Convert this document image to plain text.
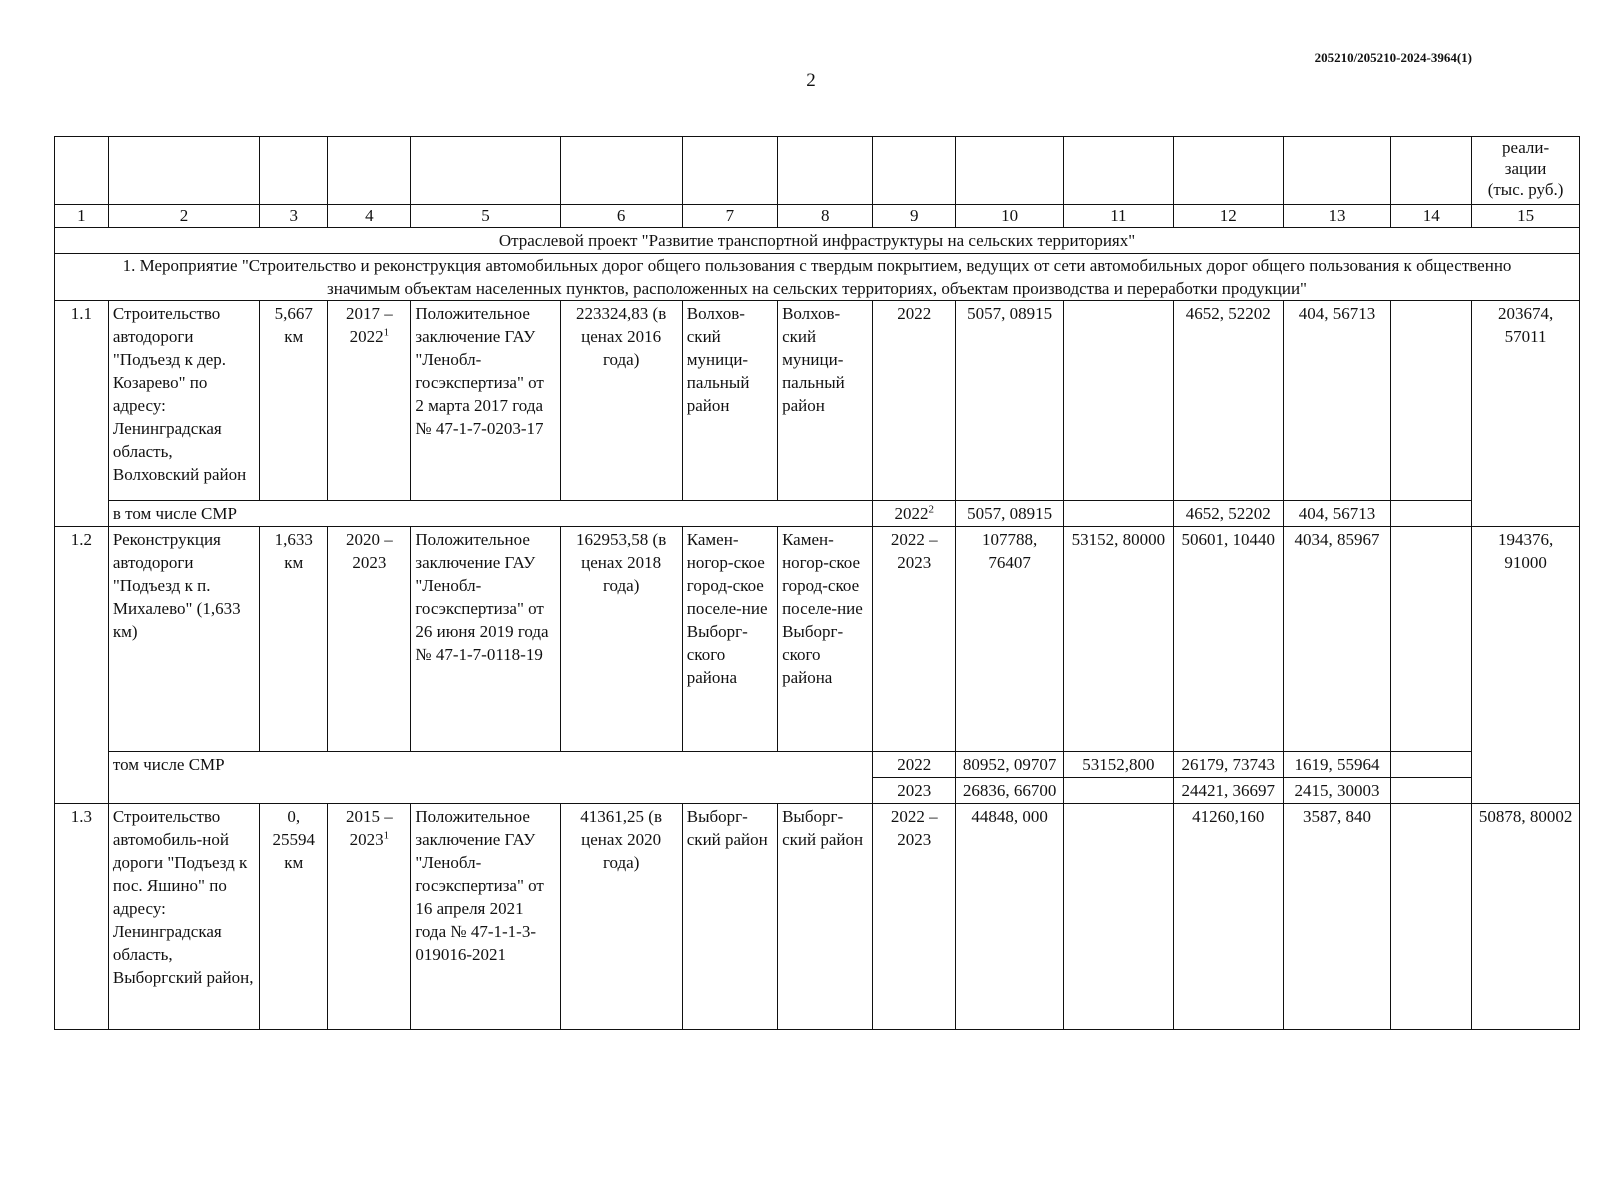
205210/205210-2024-3964(1)
2
														реали-
зации
(тыс. руб.)
1	2	3	4	5	6	7	8	9	10	11	12	13	14	15
Отраслевой проект "Развитие транспортной инфраструктуры на сельских территориях"														
1. Мероприятие "Строительство и реконструкция автомобильных дорог общего пользования с твердым покрытием, ведущих от сети автомобильных дорог общего пользования к общественно значимым объектам населенных пунктов, расположенных на сельских территориях, объектам производства и переработки продукции"														
1.1	Строительство автодороги "Подъезд к дер. Козарево" по адресу: Ленинградская область, Волховский район	5,667 км	2017 – 2022$^1$	Положительное заключение ГАУ "Ленобл-госэкспертиза" от 2 марта 2017 года № 47-1-7-0203-17	223324,83 (в ценах 2016 года)	Волхов-ский муници-пальный район	Волхов-ский муници-пальный район	2022	5057, 08915		4652, 52202	404, 56713		203674, 57011
	в том числе СМР							2022$^2$	5057, 08915		4652, 52202	404, 56713		
1.2	Реконструкция автодороги "Подъезд к п. Михалево" (1,633 км)	1,633 км	2020 – 2023	Положительное заключение ГАУ "Ленобл-госэкспертиза" от 26 июня 2019 года № 47-1-7-0118-19	162953,58 (в ценах 2018 года)	Камен-ногор-ское город-ское поселе-ние Выборг-ского района	Камен-ногор-ское город-ское поселе-ние Выборг-ского района	2022 – 2023	107788, 76407	53152, 80000	50601, 10440	4034, 85967		194376, 91000
	том числе СМР							2022	80952, 09707	53152,800	26179, 73743	1619, 55964		
								2023	26836, 66700		24421, 36697	2415, 30003		
1.3	Строительство автомобиль-ной дороги "Подъезд к пос. Яшино" по адресу: Ленинградская область, Выборгский район,	0, 25594 км	2015 – 2023$^1$	Положительное заключение ГАУ "Ленобл-госэкспертиза" от 16 апреля 2021 года № 47-1-1-3-019016-2021	41361,25 (в ценах 2020 года)	Выборг-ский район	Выборг-ский район	2022 – 2023	44848, 000		41260,160	3587, 840		50878, 80002
